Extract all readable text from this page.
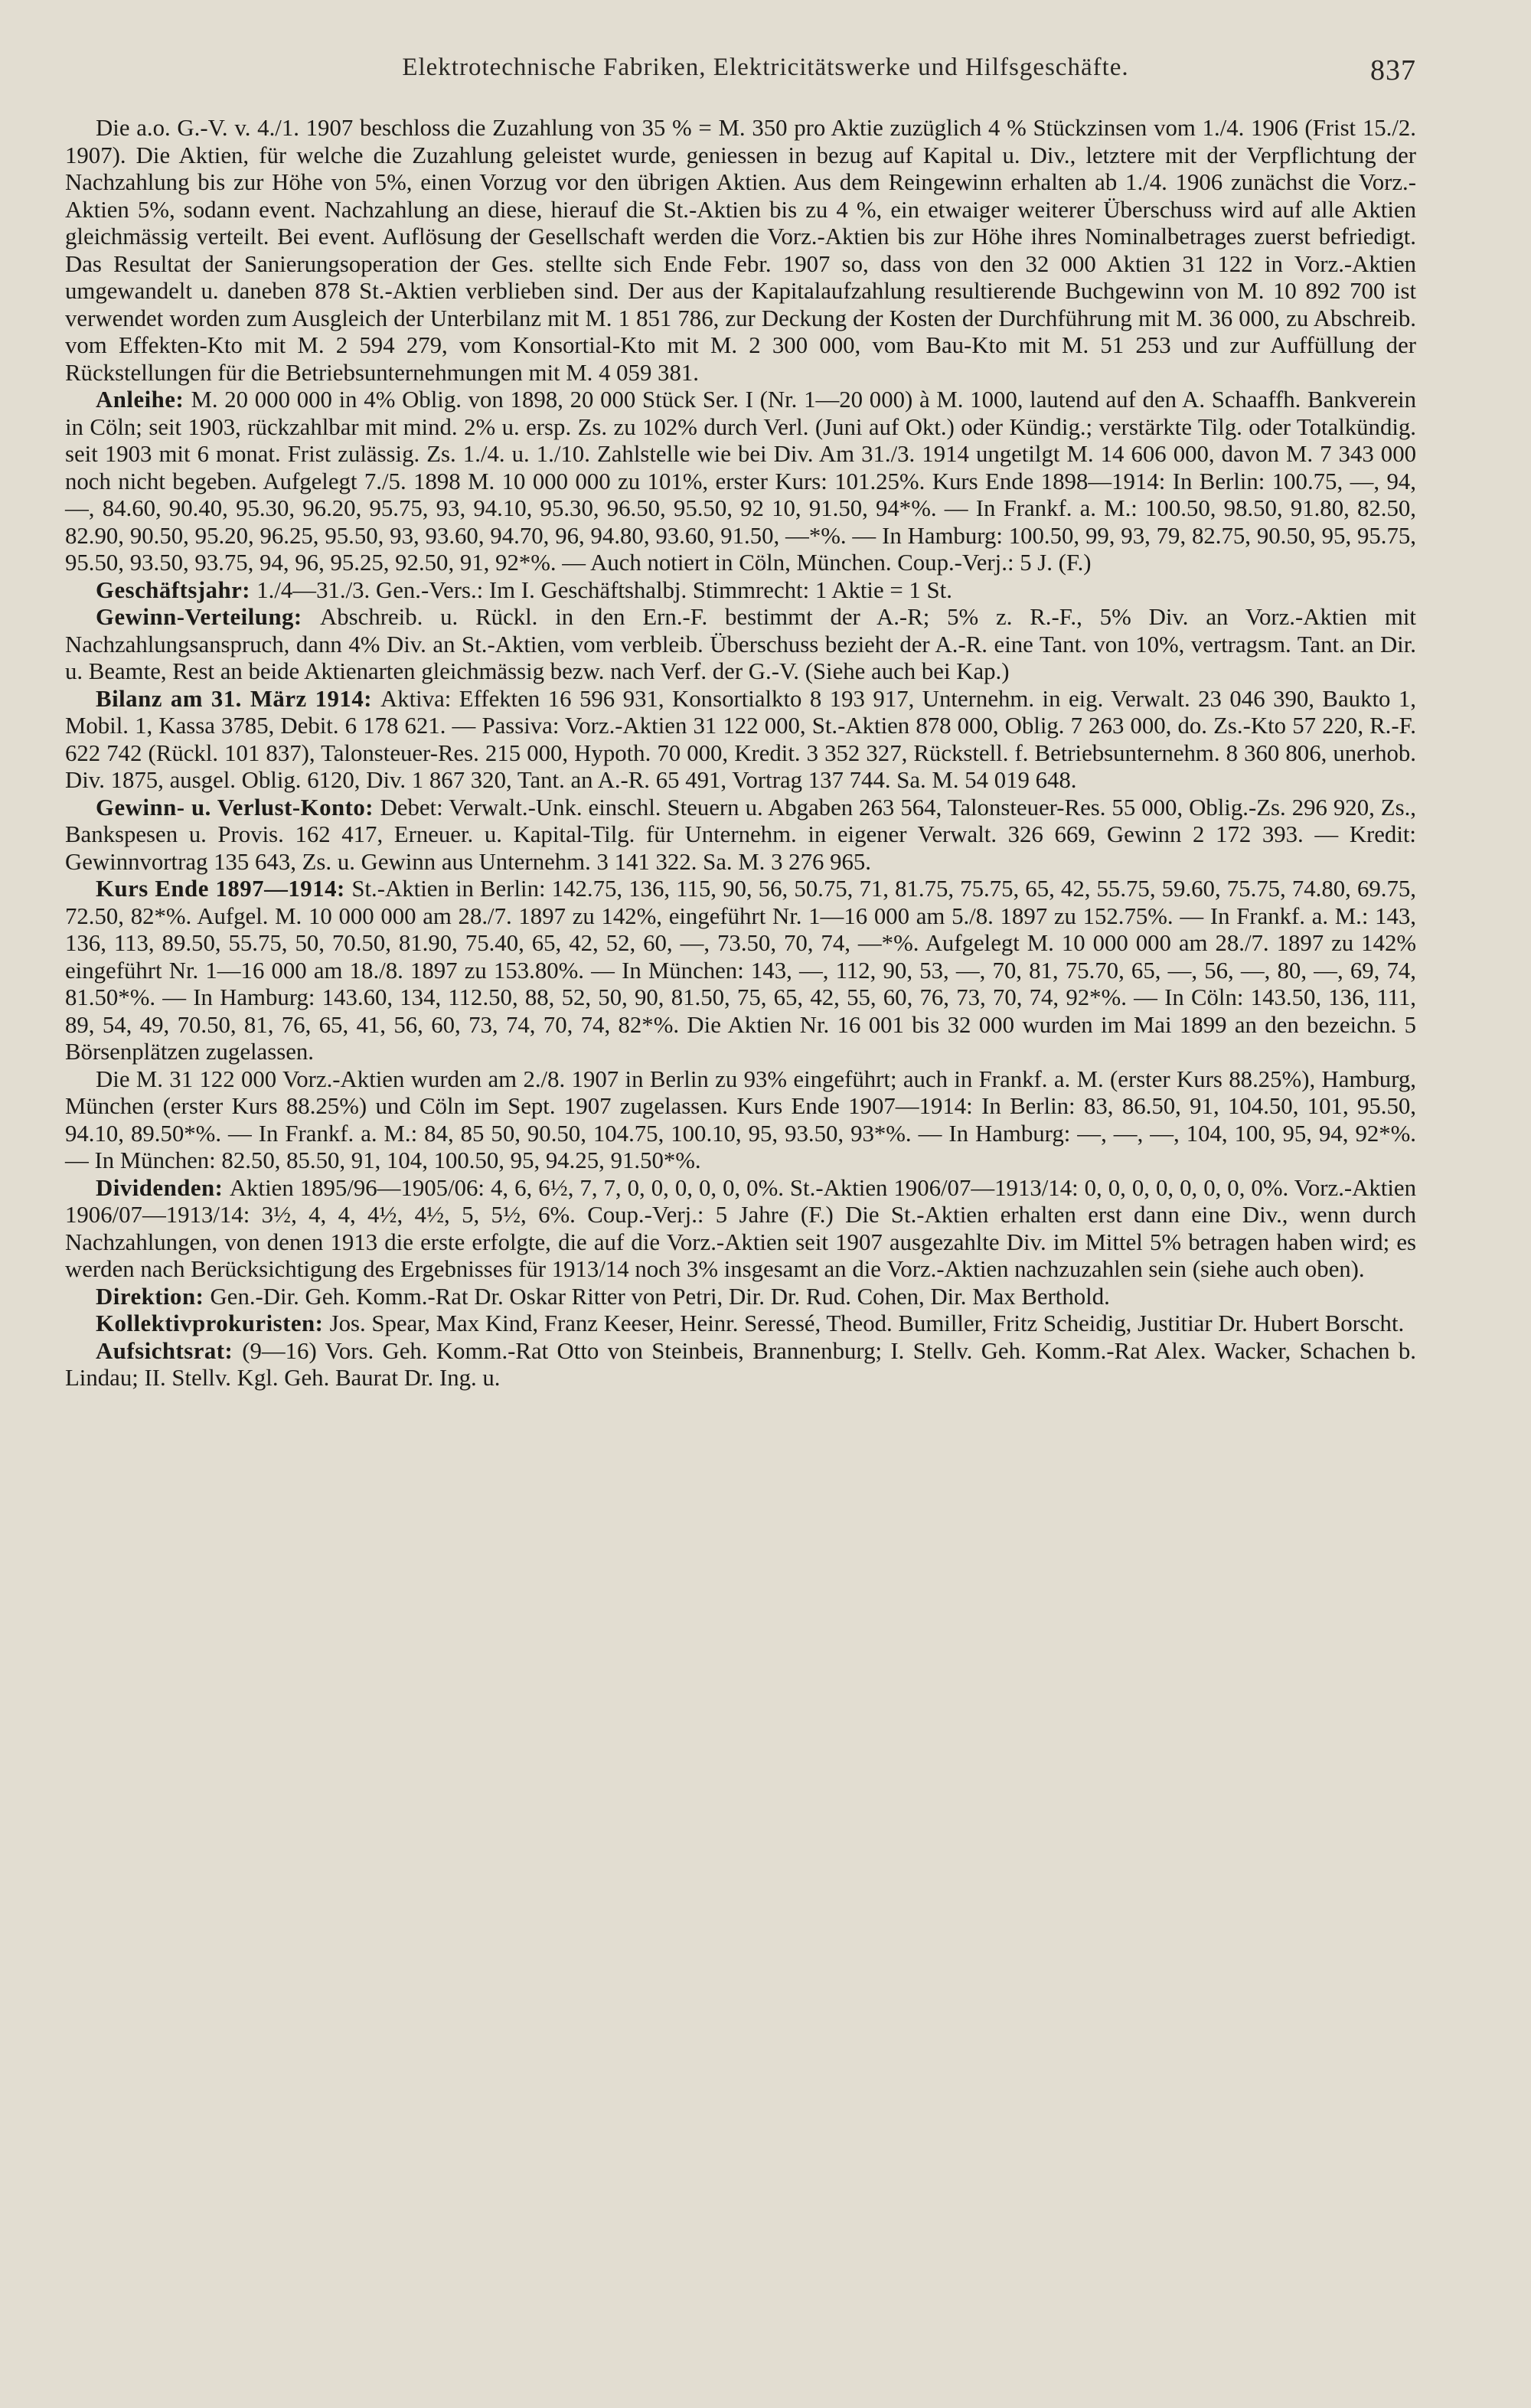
Elektrotechnische Fabriken, Elektricitätswerke und Hilfsgeschäfte.	837

Die a.o. G.-V. v. 4./1. 1907 beschloss die Zuzahlung von 35 % = M. 350 pro Aktie zuzüglich 4 % Stückzinsen vom 1./4. 1906 (Frist 15./2. 1907). Die Aktien, für welche die Zuzahlung geleistet wurde, geniessen in bezug auf Kapital u. Div., letztere mit der Verpflichtung der Nachzahlung bis zur Höhe von 5%, einen Vorzug vor den übrigen Aktien. Aus dem Reingewinn erhalten ab 1./4. 1906 zunächst die Vorz.-Aktien 5%, sodann event. Nachzahlung an diese, hierauf die St.-Aktien bis zu 4 %, ein etwaiger weiterer Überschuss wird auf alle Aktien gleichmässig verteilt. Bei event. Auflösung der Gesellschaft werden die Vorz.-Aktien bis zur Höhe ihres Nominalbetrages zuerst befriedigt. Das Resultat der Sanierungsoperation der Ges. stellte sich Ende Febr. 1907 so, dass von den 32 000 Aktien 31 122 in Vorz.-Aktien umgewandelt u. daneben 878 St.-Aktien verblieben sind. Der aus der Kapitalaufzahlung resultierende Buchgewinn von M. 10 892 700 ist verwendet worden zum Ausgleich der Unterbilanz mit M. 1 851 786, zur Deckung der Kosten der Durchführung mit M. 36 000, zu Abschreib. vom Effekten-Kto mit M. 2 594 279, vom Konsortial-Kto mit M. 2 300 000, vom Bau-Kto mit M. 51 253 und zur Auffüllung der Rückstellungen für die Betriebsunternehmungen mit M. 4 059 381.

Anleihe: M. 20 000 000 in 4% Oblig. von 1898, 20 000 Stück Ser. I (Nr. 1—20 000) à M. 1000, lautend auf den A. Schaaffh. Bankverein in Cöln; seit 1903, rückzahlbar mit mind. 2% u. ersp. Zs. zu 102% durch Verl. (Juni auf Okt.) oder Kündig.; verstärkte Tilg. oder Totalkündig. seit 1903 mit 6 monat. Frist zulässig. Zs. 1./4. u. 1./10. Zahlstelle wie bei Div. Am 31./3. 1914 ungetilgt M. 14 606 000, davon M. 7 343 000 noch nicht begeben. Aufgelegt 7./5. 1898 M. 10 000 000 zu 101%, erster Kurs: 101.25%. Kurs Ende 1898—1914: In Berlin: 100.75, —, 94, —, 84.60, 90.40, 95.30, 96.20, 95.75, 93, 94.10, 95.30, 96.50, 95.50, 92 10, 91.50, 94*%. — In Frankf. a. M.: 100.50, 98.50, 91.80, 82.50, 82.90, 90.50, 95.20, 96.25, 95.50, 93, 93.60, 94.70, 96, 94.80, 93.60, 91.50, —*%. — In Hamburg: 100.50, 99, 93, 79, 82.75, 90.50, 95, 95.75, 95.50, 93.50, 93.75, 94, 96, 95.25, 92.50, 91, 92*%. — Auch notiert in Cöln, München. Coup.-Verj.: 5 J. (F.)

Geschäftsjahr: 1./4—31./3. Gen.-Vers.: Im I. Geschäftshalbj. Stimmrecht: 1 Aktie = 1 St.

Gewinn-Verteilung: Abschreib. u. Rückl. in den Ern.-F. bestimmt der A.-R; 5% z. R.-F., 5% Div. an Vorz.-Aktien mit Nachzahlungsanspruch, dann 4% Div. an St.-Aktien, vom verbleib. Überschuss bezieht der A.-R. eine Tant. von 10%, vertragsm. Tant. an Dir. u. Beamte, Rest an beide Aktienarten gleichmässig bezw. nach Verf. der G.-V. (Siehe auch bei Kap.)

Bilanz am 31. März 1914: Aktiva: Effekten 16 596 931, Konsortialkto 8 193 917, Unternehm. in eig. Verwalt. 23 046 390, Baukto 1, Mobil. 1, Kassa 3785, Debit. 6 178 621. — Passiva: Vorz.-Aktien 31 122 000, St.-Aktien 878 000, Oblig. 7 263 000, do. Zs.-Kto 57 220, R.-F. 622 742 (Rückl. 101 837), Talonsteuer-Res. 215 000, Hypoth. 70 000, Kredit. 3 352 327, Rückstell. f. Betriebsunternehm. 8 360 806, unerhob. Div. 1875, ausgel. Oblig. 6120, Div. 1 867 320, Tant. an A.-R. 65 491, Vortrag 137 744. Sa. M. 54 019 648.

Gewinn- u. Verlust-Konto: Debet: Verwalt.-Unk. einschl. Steuern u. Abgaben 263 564, Talonsteuer-Res. 55 000, Oblig.-Zs. 296 920, Zs., Bankspesen u. Provis. 162 417, Erneuer. u. Kapital-Tilg. für Unternehm. in eigener Verwalt. 326 669, Gewinn 2 172 393. — Kredit: Gewinnvortrag 135 643, Zs. u. Gewinn aus Unternehm. 3 141 322. Sa. M. 3 276 965.

Kurs Ende 1897—1914: St.-Aktien in Berlin: 142.75, 136, 115, 90, 56, 50.75, 71, 81.75, 75.75, 65, 42, 55.75, 59.60, 75.75, 74.80, 69.75, 72.50, 82*%. Aufgel. M. 10 000 000 am 28./7. 1897 zu 142%, eingeführt Nr. 1—16 000 am 5./8. 1897 zu 152.75%. — In Frankf. a. M.: 143, 136, 113, 89.50, 55.75, 50, 70.50, 81.90, 75.40, 65, 42, 52, 60, —, 73.50, 70, 74, —*%. Aufgelegt M. 10 000 000 am 28./7. 1897 zu 142% eingeführt Nr. 1—16 000 am 18./8. 1897 zu 153.80%. — In München: 143, —, 112, 90, 53, —, 70, 81, 75.70, 65, —, 56, —, 80, —, 69, 74, 81.50*%. — In Hamburg: 143.60, 134, 112.50, 88, 52, 50, 90, 81.50, 75, 65, 42, 55, 60, 76, 73, 70, 74, 92*%. — In Cöln: 143.50, 136, 111, 89, 54, 49, 70.50, 81, 76, 65, 41, 56, 60, 73, 74, 70, 74, 82*%. Die Aktien Nr. 16 001 bis 32 000 wurden im Mai 1899 an den bezeichn. 5 Börsenplätzen zugelassen.

Die M. 31 122 000 Vorz.-Aktien wurden am 2./8. 1907 in Berlin zu 93% eingeführt; auch in Frankf. a. M. (erster Kurs 88.25%), Hamburg, München (erster Kurs 88.25%) und Cöln im Sept. 1907 zugelassen. Kurs Ende 1907—1914: In Berlin: 83, 86.50, 91, 104.50, 101, 95.50, 94.10, 89.50*%. — In Frankf. a. M.: 84, 85 50, 90.50, 104.75, 100.10, 95, 93.50, 93*%. — In Hamburg: —, —, —, 104, 100, 95, 94, 92*%. — In München: 82.50, 85.50, 91, 104, 100.50, 95, 94.25, 91.50*%.

Dividenden: Aktien 1895/96—1905/06: 4, 6, 6½, 7, 7, 0, 0, 0, 0, 0, 0%. St.-Aktien 1906/07—1913/14: 0, 0, 0, 0, 0, 0, 0, 0%. Vorz.-Aktien 1906/07—1913/14: 3½, 4, 4, 4½, 4½, 5, 5½, 6%. Coup.-Verj.: 5 Jahre (F.) Die St.-Aktien erhalten erst dann eine Div., wenn durch Nachzahlungen, von denen 1913 die erste erfolgte, die auf die Vorz.-Aktien seit 1907 ausgezahlte Div. im Mittel 5% betragen haben wird; es werden nach Berücksichtigung des Ergebnisses für 1913/14 noch 3% insgesamt an die Vorz.-Aktien nachzuzahlen sein (siehe auch oben).

Direktion: Gen.-Dir. Geh. Komm.-Rat Dr. Oskar Ritter von Petri, Dir. Dr. Rud. Cohen, Dir. Max Berthold.

Kollektivprokuristen: Jos. Spear, Max Kind, Franz Keeser, Heinr. Seressé, Theod. Bumiller, Fritz Scheidig, Justitiar Dr. Hubert Borscht.

Aufsichtsrat: (9—16) Vors. Geh. Komm.-Rat Otto von Steinbeis, Brannenburg; I. Stellv. Geh. Komm.-Rat Alex. Wacker, Schachen b. Lindau; II. Stellv. Kgl. Geh. Baurat Dr. Ing. u.
